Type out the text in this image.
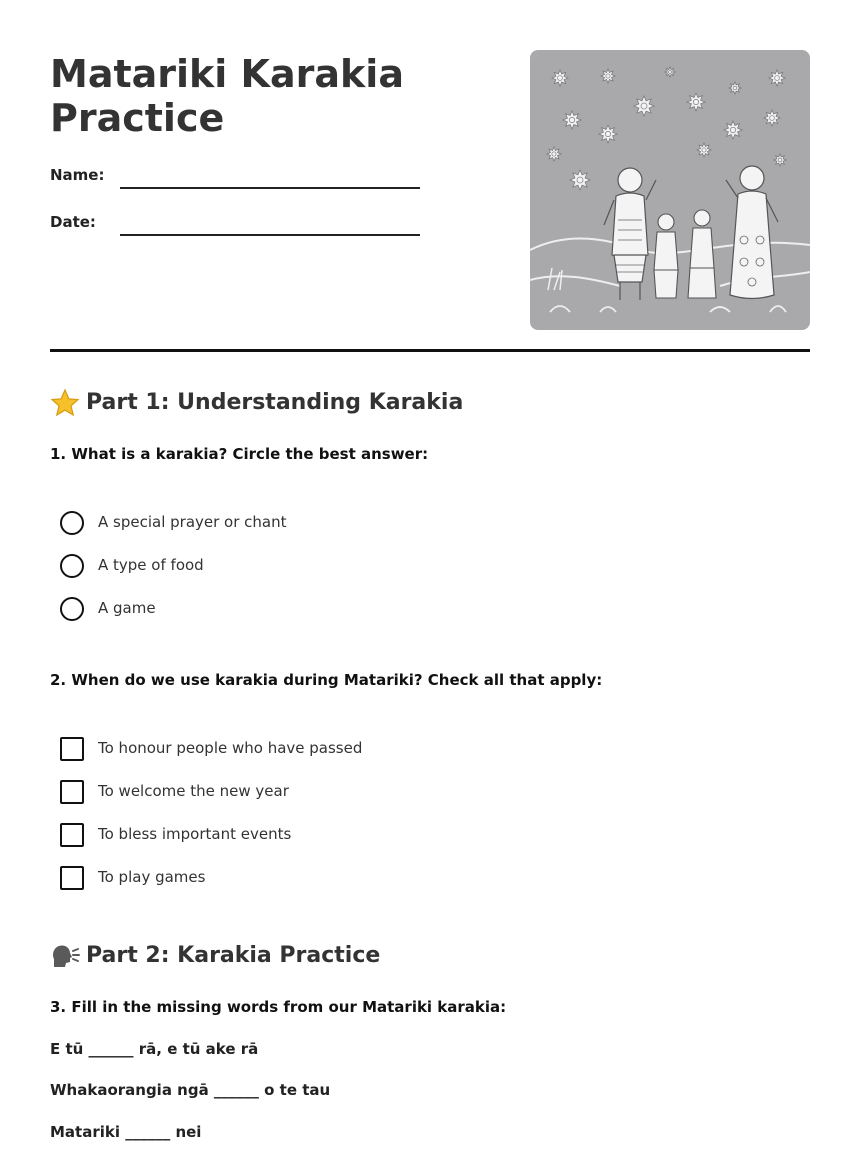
Matariki Karakia
Practice
Name:
Date:
Part 1: Understanding Karakia
1. What is a karakia? Circle the best answer:
A special prayer or chant
A type of food
A game
2. When do we use karakia during Matariki? Check all that apply:
To honour people who have passed
To welcome the new year
To bless important events
To play games
Part 2: Karakia Practice
3. Fill in the missing words from our Matariki karakia:
E tū ______ rā, e tū ake rā
Whakaorangia ngā ______ o te tau
Matariki ______ nei
